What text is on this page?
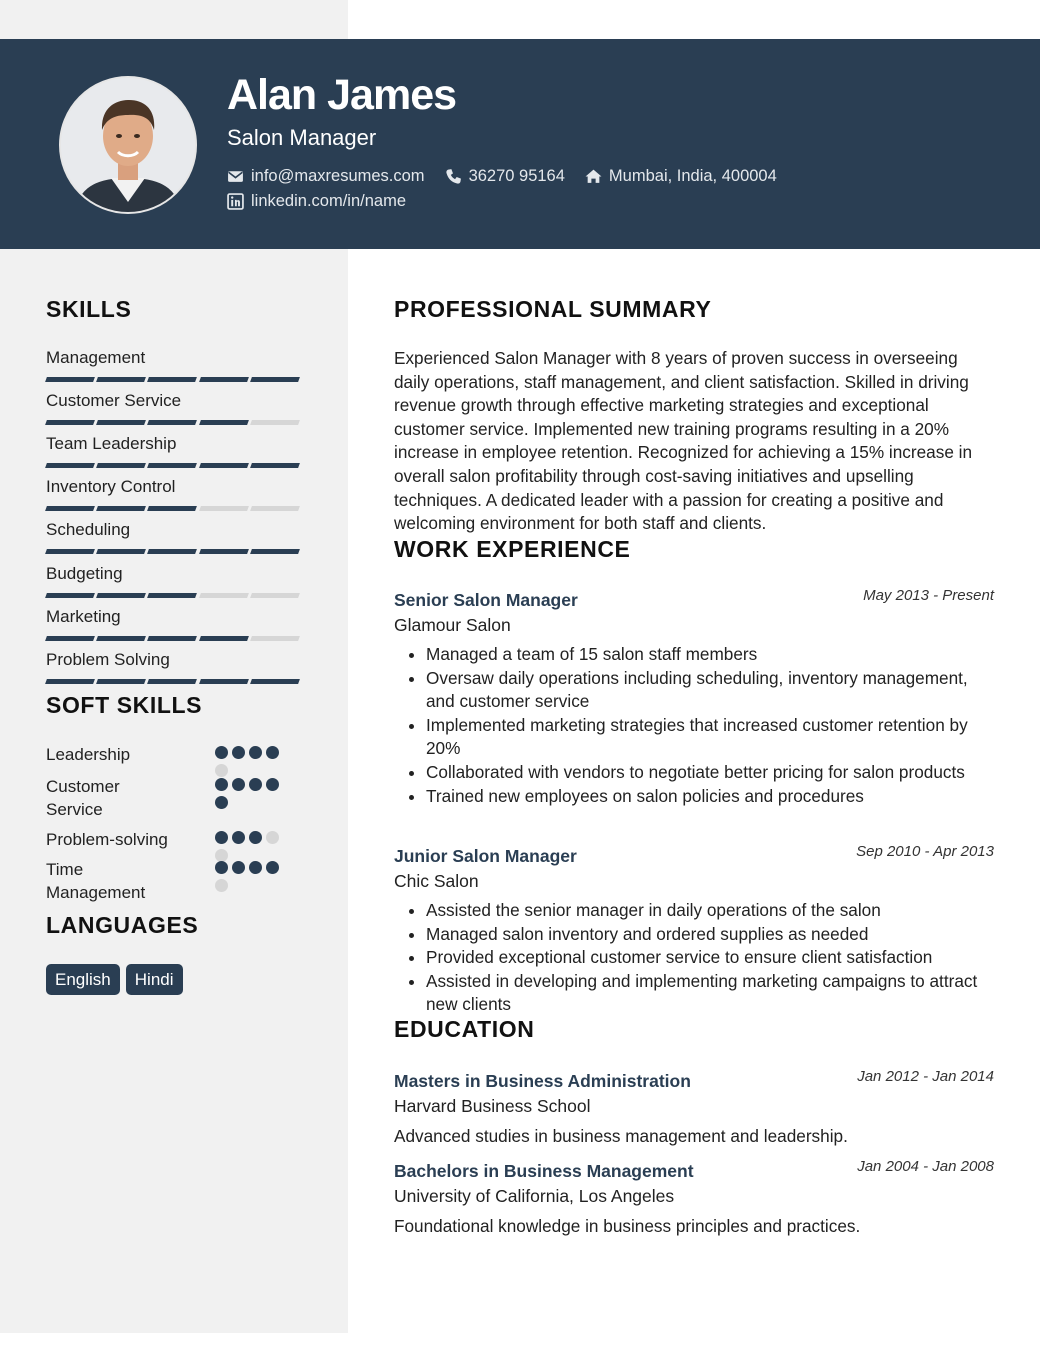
Alan James
Salon Manager
info@maxresumes.com	36270 95164	Mumbai, India, 400004
linkedin.com/in/name
SKILLS
Management
Customer Service
Team Leadership
Inventory Control
Scheduling
Budgeting
Marketing
Problem Solving
SOFT SKILLS
Leadership
Customer Service
Problem-solving
Time Management
LANGUAGES
English	Hindi
PROFESSIONAL SUMMARY

Experienced Salon Manager with 8 years of proven success in overseeing daily operations, staff management, and client satisfaction. Skilled in driving revenue growth through effective marketing strategies and exceptional customer service. Implemented new training programs resulting in a 20% increase in employee retention. Recognized for achieving a 15% increase in overall salon profitability through cost-saving initiatives and upselling techniques. A dedicated leader with a passion for creating a positive and welcoming environment for both staff and clients.

WORK EXPERIENCE
Senior Salon Manager	May 2013 - Present
Glamour Salon
• Managed a team of 15 salon staff members
• Oversaw daily operations including scheduling, inventory management, and customer service
• Implemented marketing strategies that increased customer retention by 20%
• Collaborated with vendors to negotiate better pricing for salon products
• Trained new employees on salon policies and procedures
Junior Salon Manager	Sep 2010 - Apr 2013
Chic Salon
• Assisted the senior manager in daily operations of the salon
• Managed salon inventory and ordered supplies as needed
• Provided exceptional customer service to ensure client satisfaction
• Assisted in developing and implementing marketing campaigns to attract new clients
EDUCATION
Masters in Business Administration	Jan 2012 - Jan 2014
Harvard Business School
Advanced studies in business management and leadership.
Bachelors in Business Management	Jan 2004 - Jan 2008
University of California, Los Angeles
Foundational knowledge in business principles and practices.
